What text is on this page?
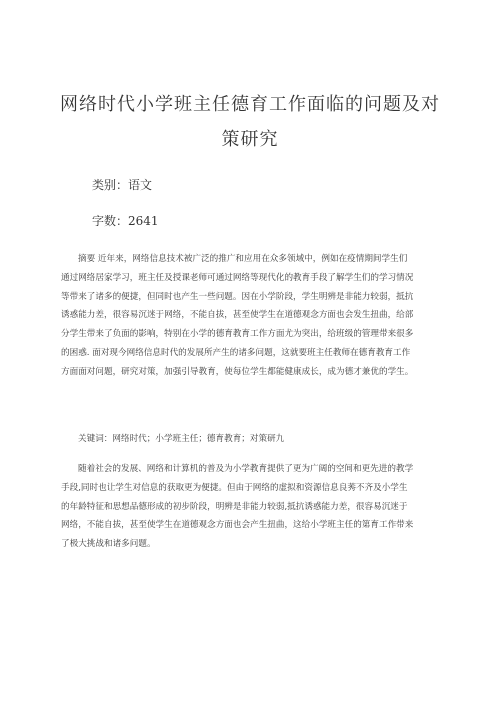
网络时代小学班主任德育工作面临的问题及对
策研究
类别：语文
字数：2641
摘要 近年来，网络信息技术被广泛的推广和应用在众多领域中，例如在疫情期间学生们
通过网络居家学习，班主任及授课老师可通过网络等现代化的教育手段了解学生们的学习情况
等带来了诸多的便捷，但同时也产生一些问题。因在小学阶段，学生明辨是非能力较弱，抵抗
诱惑能力差，很容易沉迷于网络，不能自拔，甚至使学生在道德观念方面也会发生扭曲，给部
分学生带来了负面的影响，特别在小学的德育教育工作方面尤为突出，给班级的管理带来很多
的困惑. 面对现今网络信息时代的发展所产生的诸多问题，这就要班主任教师在德育教育工作
方面面对问题，研究对策，加强引导教育，使每位学生都能健康成长，成为德才兼优的学生。
关键词：网络时代；小学班主任；德育教育；对策研九
随着社会的发展、网络和计算机的普及为小学教育提供了更为广阔的空间和更先进的教学
手段,同时也让学生对信息的获取更为便捷。但由于网络的虚拟和资源信息良莠不齐及小学生
的年龄特征和思想品德形成的初步阶段，明辨是非能力较弱,抵抗诱惑能力差，很容易沉迷于
网络，不能自拔，甚至使学生在道德观念方面也会产生扭曲，这给小学班主任的第育工作带来
了极大挑战和诸多问题。
